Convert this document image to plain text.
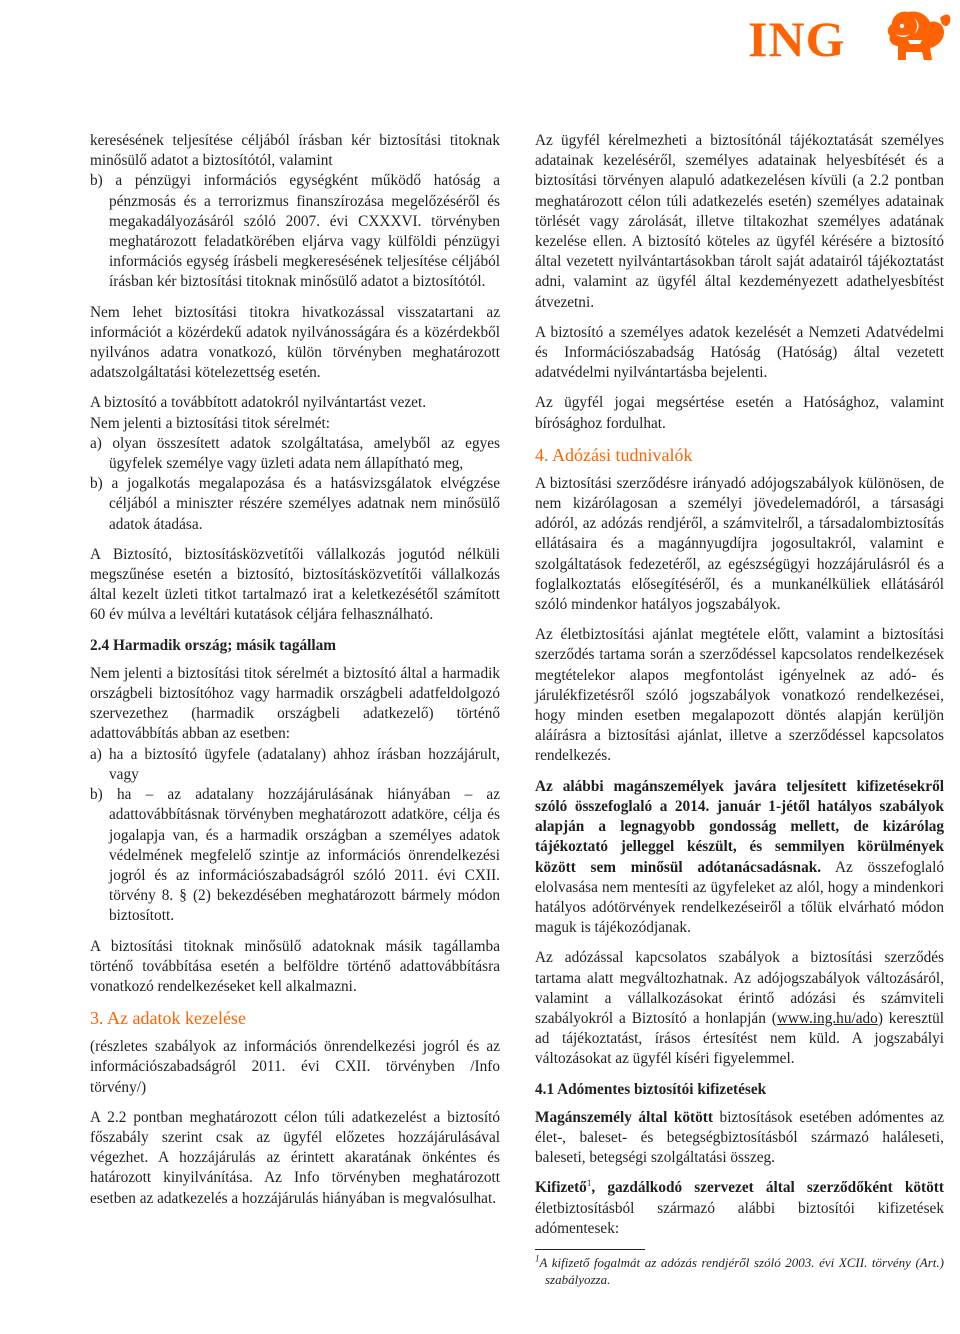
ING

keresésének teljesítése céljából írásban kér biztosítási titoknak minősülő adatot a biztosítótól, valamint

b) a pénzügyi információs egységként működő hatóság a pénzmosás és a terrorizmus finanszírozása megelőzéséről és megakadályozásáról szóló 2007. évi CXXXVI. törvényben meghatározott feladatkörében eljárva vagy külföldi pénzügyi információs egység írásbeli megkeresésének teljesítése céljából írásban kér biztosítási titoknak minősülő adatot a biztosítótól.

Nem lehet biztosítási titokra hivatkozással visszatartani az információt a közérdekű adatok nyilvánosságára és a közérdekből nyilvános adatra vonatkozó, külön törvényben meghatározott adatszolgáltatási kötelezettség esetén.

A biztosító a továbbított adatokról nyilvántartást vezet.

Nem jelenti a biztosítási titok sérelmét:

a) olyan összesített adatok szolgáltatása, amelyből az egyes ügyfelek személye vagy üzleti adata nem állapítható meg,

b) a jogalkotás megalapozása és a hatásvizsgálatok elvégzése céljából a miniszter részére személyes adatnak nem minősülő adatok átadása.

A Biztosító, biztosításközvetítői vállalkozás jogutód nélküli megszűnése esetén a biztosító, biztosításközvetítői vállalkozás által kezelt üzleti titkot tartalmazó irat a keletkezésétől számított 60 év múlva a levéltári kutatások céljára felhasználható.

2.4 Harmadik ország; másik tagállam

Nem jelenti a biztosítási titok sérelmét a biztosító által a harmadik országbeli biztosítóhoz vagy harmadik országbeli adatfeldolgozó szervezethez (harmadik országbeli adatkezelő) történő adattovábbítás abban az esetben:

a) ha a biztosító ügyfele (adatalany) ahhoz írásban hozzájárult, vagy

b) ha – az adatalany hozzájárulásának hiányában – az adattovábbításnak törvényben meghatározott adatköre, célja és jogalapja van, és a harmadik országban a személyes adatok védelmének megfelelő szintje az információs önrendelkezési jogról és az információszabadságról szóló 2011. évi CXII. törvény 8. § (2) bekezdésében meghatározott bármely módon biztosított.

A biztosítási titoknak minősülő adatoknak másik tagállamba történő továbbítása esetén a belföldre történő adattovábbításra vonatkozó rendelkezéseket kell alkalmazni.

3. Az adatok kezelése

(részletes szabályok az információs önrendelkezési jogról és az információszabadságról 2011. évi CXII. törvényben /Info törvény/)

A 2.2 pontban meghatározott célon túli adatkezelést a biztosító főszabály szerint csak az ügyfél előzetes hozzájárulásával végezhet. A hozzájárulás az érintett akaratának önkéntes és határozott kinyilvánítása. Az Info törvényben meghatározott esetben az adatkezelés a hozzájárulás hiányában is megvalósulhat.

Az ügyfél kérelmezheti a biztosítónál tájékoztatását személyes adatainak kezeléséről, személyes adatainak helyesbítését és a biztosítási törvényen alapuló adatkezelésen kívüli (a 2.2 pontban meghatározott célon túli adatkezelés esetén) személyes adatainak törlését vagy zárolását, illetve tiltakozhat személyes adatának kezelése ellen. A biztosító köteles az ügyfél kérésére a biztosító által vezetett nyilvántartásokban tárolt saját adatairól tájékoztatást adni, valamint az ügyfél által kezdeményezett adathelyesbítést átvezetni.

A biztosító a személyes adatok kezelését a Nemzeti Adatvédelmi és Információszabadság Hatóság (Hatóság) által vezetett adatvédelmi nyilvántartásba bejelenti.

Az ügyfél jogai megsértése esetén a Hatósághoz, valamint bírósághoz fordulhat.

4. Adózási tudnivalók

A biztosítási szerződésre irányadó adójogszabályok különösen, de nem kizárólagosan a személyi jövedelemadóról, a társasági adóról, az adózás rendjéről, a számvitelről, a társadalombiztosítás ellátásaira és a magánnyugdíjra jogosultakról, valamint e szolgáltatások fedezetéről, az egészségügyi hozzájárulásról és a foglalkoztatás elősegítéséről, és a munkanélküliek ellátásáról szóló mindenkor hatályos jogszabályok.

Az életbiztosítási ajánlat megtétele előtt, valamint a biztosítási szerződés tartama során a szerződéssel kapcsolatos rendelkezések megtételekor alapos megfontolást igényelnek az adó- és járulékfizetésről szóló jogszabályok vonatkozó rendelkezései, hogy minden esetben megalapozott döntés alapján kerüljön aláírásra a biztosítási ajánlat, illetve a szerződéssel kapcsolatos rendelkezés.

Az alábbi magánszemélyek javára teljesített kifizetésekről szóló összefoglaló a 2014. január 1-jétől hatályos szabályok alapján a legnagyobb gondosság mellett, de kizárólag tájékoztató jelleggel készült, és semmilyen körülmények között sem minősül adótanácsadásnak. Az összefoglaló elolvasása nem mentesíti az ügyfeleket az alól, hogy a mindenkori hatályos adótörvények rendelkezéseiről a tőlük elvárható módon maguk is tájékozódjanak.

Az adózással kapcsolatos szabályok a biztosítási szerződés tartama alatt megváltozhatnak. Az adójogszabályok változásáról, valamint a vállalkozásokat érintő adózási és számviteli szabályokról a Biztosító a honlapján (www.ing.hu/ado) keresztül ad tájékoztatást, írásos értesítést nem küld. A jogszabályi változásokat az ügyfél kíséri figyelemmel.

4.1 Adómentes biztosítói kifizetések

Magánszemély által kötött biztosítások esetében adómentes az élet-, baleset- és betegségbiztosításból származó haláleseti, baleseti, betegségi szolgáltatási összeg.

Kifizető$^1$, gazdálkodó szervezet által szerződőként kötött életbiztosításból származó alábbi biztosítói kifizetések adómentesek:

$^1$A kifizető fogalmát az adózás rendjéről szóló 2003. évi XCII. törvény (Art.) szabályozza.
